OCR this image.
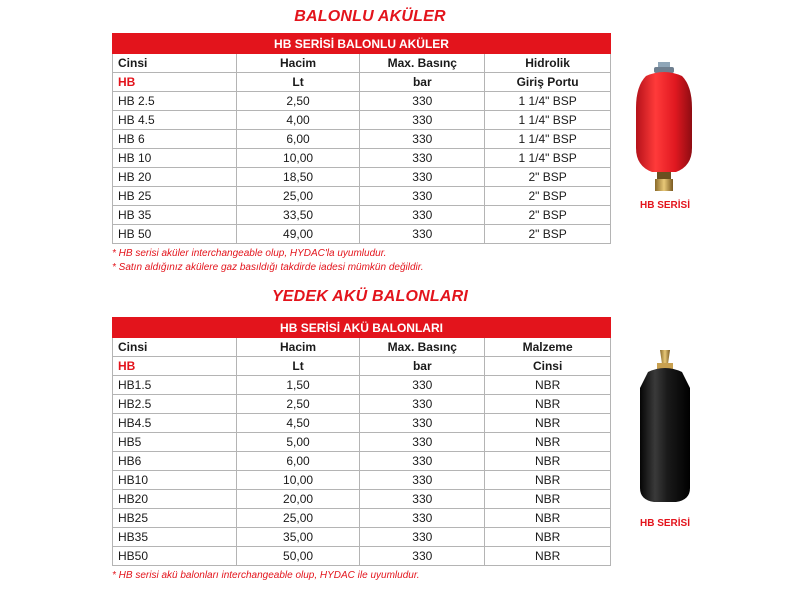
BALONLU AKÜLER
HB SERİSİ BALONLU AKÜLER			
Cinsi	Hacim	Max. Basınç	Hidrolik
HB	Lt	bar	Giriş Portu
HB 2.5	2,50	330	1 1/4" BSP
HB 4.5	4,00	330	1 1/4" BSP
HB 6	6,00	330	1 1/4" BSP
HB 10	10,00	330	1 1/4" BSP
HB 20	18,50	330	2" BSP
HB 25	25,00	330	2" BSP
HB 35	33,50	330	2" BSP
HB 50	49,00	330	2" BSP
* HB serisi aküler interchangeable olup, HYDAC'la uyumludur.
* Satın aldığınız akülere gaz basıldığı takdirde iadesi mümkün değildir.
HB SERİSİ
YEDEK AKÜ BALONLARI
HB SERİSİ AKÜ BALONLARI			
Cinsi	Hacim	Max. Basınç	Malzeme
HB	Lt	bar	Cinsi
HB1.5	1,50	330	NBR
HB2.5	2,50	330	NBR
HB4.5	4,50	330	NBR
HB5	5,00	330	NBR
HB6	6,00	330	NBR
HB10	10,00	330	NBR
HB20	20,00	330	NBR
HB25	25,00	330	NBR
HB35	35,00	330	NBR
HB50	50,00	330	NBR
* HB serisi akü balonları interchangeable olup, HYDAC ile uyumludur.
HB SERİSİ
